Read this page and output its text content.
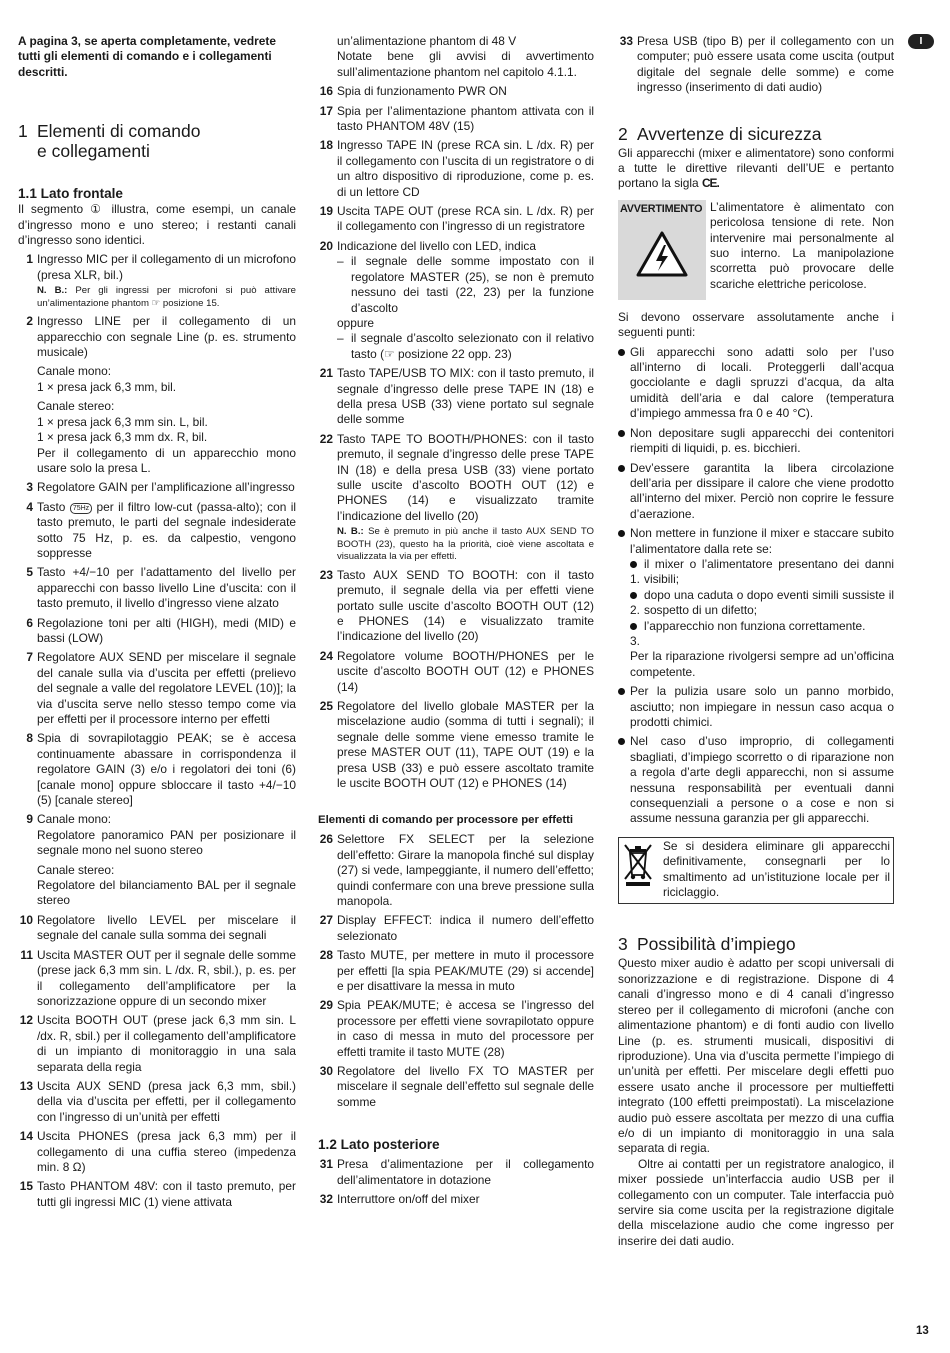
I

A pagina 3, se aperta completamente, vedrete tutti gli elementi di comando e i collegamenti descritti.

1 Elementi di comando
e collegamenti
1.1 Lato frontale

Il segmento ① illustra, come esempi, un canale d’ingresso mono e uno stereo; i restanti canali d’ingresso sono identici.

1 Ingresso MIC per il collegamento di un microfono (presa XLR, bil.)

N. B.: Per gli ingressi per microfoni si può attivare un’alimentazione phantom ☞ posizione 15.

2 Ingresso LINE per il collegamento di un apparecchio con segnale Line (p. es. strumento musicale)

Canale mono:

1 × presa jack 6,3 mm, bil.

Canale stereo:

1 × presa jack 6,3 mm sin. L, bil.

1 × presa jack 6,3 mm dx. R, bil.

Per il collegamento di un apparecchio mono usare solo la presa L.

3 Regolatore GAIN per l’amplificazione all’ingresso

4 Tasto 75Hz per il filtro low-cut (passa-alto); con il tasto premuto, le parti del segnale indesiderate sotto 75 Hz, p. es. da calpestio, vengono soppresse

5 Tasto +4/−10 per l’adattamento del livello per apparecchi con basso livello Line d’uscita: con il tasto premuto, il livello d’ingresso viene alzato

6 Regolazione toni per alti (HIGH), medi (MID) e bassi (LOW)

7 Regolatore AUX SEND per miscelare il segnale del canale sulla via d’uscita per effetti (prelievo del segnale a valle del regolatore LEVEL (10)]; la via d’uscita serve nello stesso tempo come via per effetti per il processore interno per effetti

8 Spia di sovrapilotaggio PEAK; se è accesa continuamente abassare in corrispondenza il regolatore GAIN (3) e/o i regolatori dei toni (6) [canale mono] oppure sbloccare il tasto +4/−10 (5) [canale stereo]

9 Canale mono:

Regolatore panoramico PAN per posizionare il segnale mono nel suono stereo

Canale stereo:

Regolatore del bilanciamento BAL per il segnale stereo

10 Regolatore livello LEVEL per miscelare il segnale del canale sulla somma dei segnali

11 Uscita MASTER OUT per il segnale delle somme (prese jack 6,3 mm sin. L /dx. R, sbil.), p. es. per il collegamento dell’amplificatore per la sonorizzazione oppure di un secondo mixer

12 Uscita BOOTH OUT (prese jack 6,3 mm sin. L /dx. R, sbil.) per il collegamento dell’amplificatore di un impianto di monitoraggio in una sala separata della regia

13 Uscita AUX SEND (presa jack 6,3 mm, sbil.) della via d’uscita per effetti, per il collegamento con l’ingresso di un’unità per effetti

14 Uscita PHONES (presa jack 6,3 mm) per il collegamento di una cuffia stereo (impedenza min. 8 Ω)

15 Tasto PHANTOM 48V: con il tasto premuto, per tutti gli ingressi MIC (1) viene attivata

un’alimentazione phantom di 48 V

Notate bene gli avvisi di avvertimento sull’alimentazione phantom nel capitolo 4.1.1.

16 Spia di funzionamento PWR ON

17 Spia per l’alimentazione phantom attivata con il tasto PHANTOM 48V (15)

18 Ingresso TAPE IN (prese RCA sin. L /dx. R) per il collegamento con l’uscita di un registratore o di un altro dispositivo di riproduzione, come p. es. di un lettore CD

19 Uscita TAPE OUT (prese RCA sin. L /dx. R) per il collegamento con l’ingresso di un registratore

20 Indicazione del livello con LED, indica

– il segnale delle somme impostato con il regolatore MASTER (25), se non è premuto nessuno dei tasti (22, 23) per la funzione d’ascolto

oppure

– il segnale d’ascolto selezionato con il relativo tasto (☞ posizione 22 opp. 23)

21 Tasto TAPE/USB TO MIX: con il tasto premuto, il segnale d’ingresso delle prese TAPE IN (18) e della presa USB (33) viene portato sul segnale delle somme

22 Tasto TAPE TO BOOTH/PHONES: con il tasto premuto, il segnale d’ingresso delle prese TAPE IN (18) e della presa USB (33) viene portato sulle uscite d’ascolto BOOTH OUT (12) e PHONES (14) e visualizzato tramite l’indicazione del livello (20)

N. B.: Se è premuto in più anche il tasto AUX SEND TO BOOTH (23), questo ha la priorità, cioè viene ascoltata e visualizzata la via per effetti.

23 Tasto AUX SEND TO BOOTH: con il tasto premuto, il segnale della via per effetti viene portato sulle uscite d’ascolto BOOTH OUT (12) e PHONES (14) e visualizzato tramite l’indicazione del livello (20)

24 Regolatore volume BOOTH/PHONES per le uscite d’ascolto BOOTH OUT (12) e PHONES (14)

25 Regolatore del livello globale MASTER per la miscelazione audio (somma di tutti i segnali); il segnale delle somme viene emesso tramite le prese MASTER OUT (11), TAPE OUT (19) e la presa USB (33) e può essere ascoltato tramite le uscite BOOTH OUT (12) e PHONES (14)

Elementi di comando per processore per effetti
26 Selettore FX SELECT per la selezione dell’effetto: Girare la manopola finché sul display (27) si vede, lampeggiante, il numero dell’effetto; quindi confermare con una breve pressione sulla manopola.

27 Display EFFECT: indica il numero dell’effetto selezionato

28 Tasto MUTE, per mettere in muto il processore per effetti [la spia PEAK/MUTE (29) si accende] e per disattivare la messa in muto

29 Spia PEAK/MUTE; è accesa se l’ingresso del processore per effetti viene sovrapilotato oppure in caso di messa in muto del processore per effetti tramite il tasto MUTE (28)

30 Regolatore del livello FX TO MASTER per miscelare il segnale dell’effetto sul segnale delle somme

1.2 Lato posteriore
31 Presa d’alimentazione per il collegamento dell’alimentatore in dotazione

32 Interruttore on/off del mixer

33 Presa USB (tipo B) per il collegamento con un computer; può essere usata come uscita (output digitale del segnale delle somme) e come ingresso (inserimento di dati audio)

2 Avvertenze di sicurezza

Gli apparecchi (mixer e alimentatore) sono conformi a tutte le direttive rilevanti dell’UE e pertanto portano la sigla CE.

AVVERTIMENTO L’alimentatore è alimentato con pericolosa tensione di rete. Non intervenire mai personalmente al suo interno. La manipolazione scorretta può provocare delle scariche elettriche pericolose.

Si devono osservare assolutamente anche i seguenti punti:

Gli apparecchi sono adatti solo per l’uso all’interno di locali. Proteggerli dall’acqua gocciolante e dagli spruzzi d’acqua, da alta umidità dell’aria e dal calore (temperatura d’impiego ammessa fra 0 e 40 °C).

Non depositare sugli apparecchi dei contenitori riempiti di liquidi, p. es. bicchieri.

Dev’essere garantita la libera circolazione dell’aria per dissipare il calore che viene prodotto all’interno del mixer. Perciò non coprire le fessure d’aerazione.

Non mettere in funzione il mixer e staccare subito l’alimentatore dalla rete se:

1.

il mixer o l’alimentatore presentano dei danni visibili;

2.

dopo una caduta o dopo eventi simili sussiste il sospetto di un difetto;

3.

l’apparecchio non funziona correttamente.

Per la riparazione rivolgersi sempre ad un’officina competente.

Per la pulizia usare solo un panno morbido, asciutto; non impiegare in nessun caso acqua o prodotti chimici.

Nel caso d’uso improprio, di collegamenti sbagliati, d’impiego scorretto o di riparazione non a regola d’arte degli apparecchi, non si assume nessuna responsabilità per eventuali danni consequenziali a persone o a cose e non si assume nessuna garanzia per gli apparecchi.

Se si desidera eliminare gli apparecchi definitivamente, consegnarli per lo smaltimento ad un’istituzione locale per il riciclaggio.

3 Possibilità d’impiego

Questo mixer audio è adatto per scopi universali di sonorizzazione e di registrazione. Dispone di 4 canali d’ingresso mono e di 4 canali d’ingresso stereo per il collegamento di microfoni (anche con alimentazione phantom) e di fonti audio con livello Line (p. es. strumenti musicali, dispositivi di riproduzione). Una via d’uscita permette l’impiego di un’unità per effetti. Per miscelare degli effetti puo essere usato anche il processore per multieffetti integrato (100 effetti preimpostati). La miscelazione audio può essere ascoltata per mezzo di una cuffia e/o di un impianto di monitoraggio in una sala separata di regia.

Oltre ai contatti per un registratore analogico, il mixer possiede un’interfaccia audio USB per il collegamento con un computer. Tale interfaccia può servire sia come uscita per la registrazione digitale della miscelazione audio che come ingresso per inserire dei dati audio.

13
